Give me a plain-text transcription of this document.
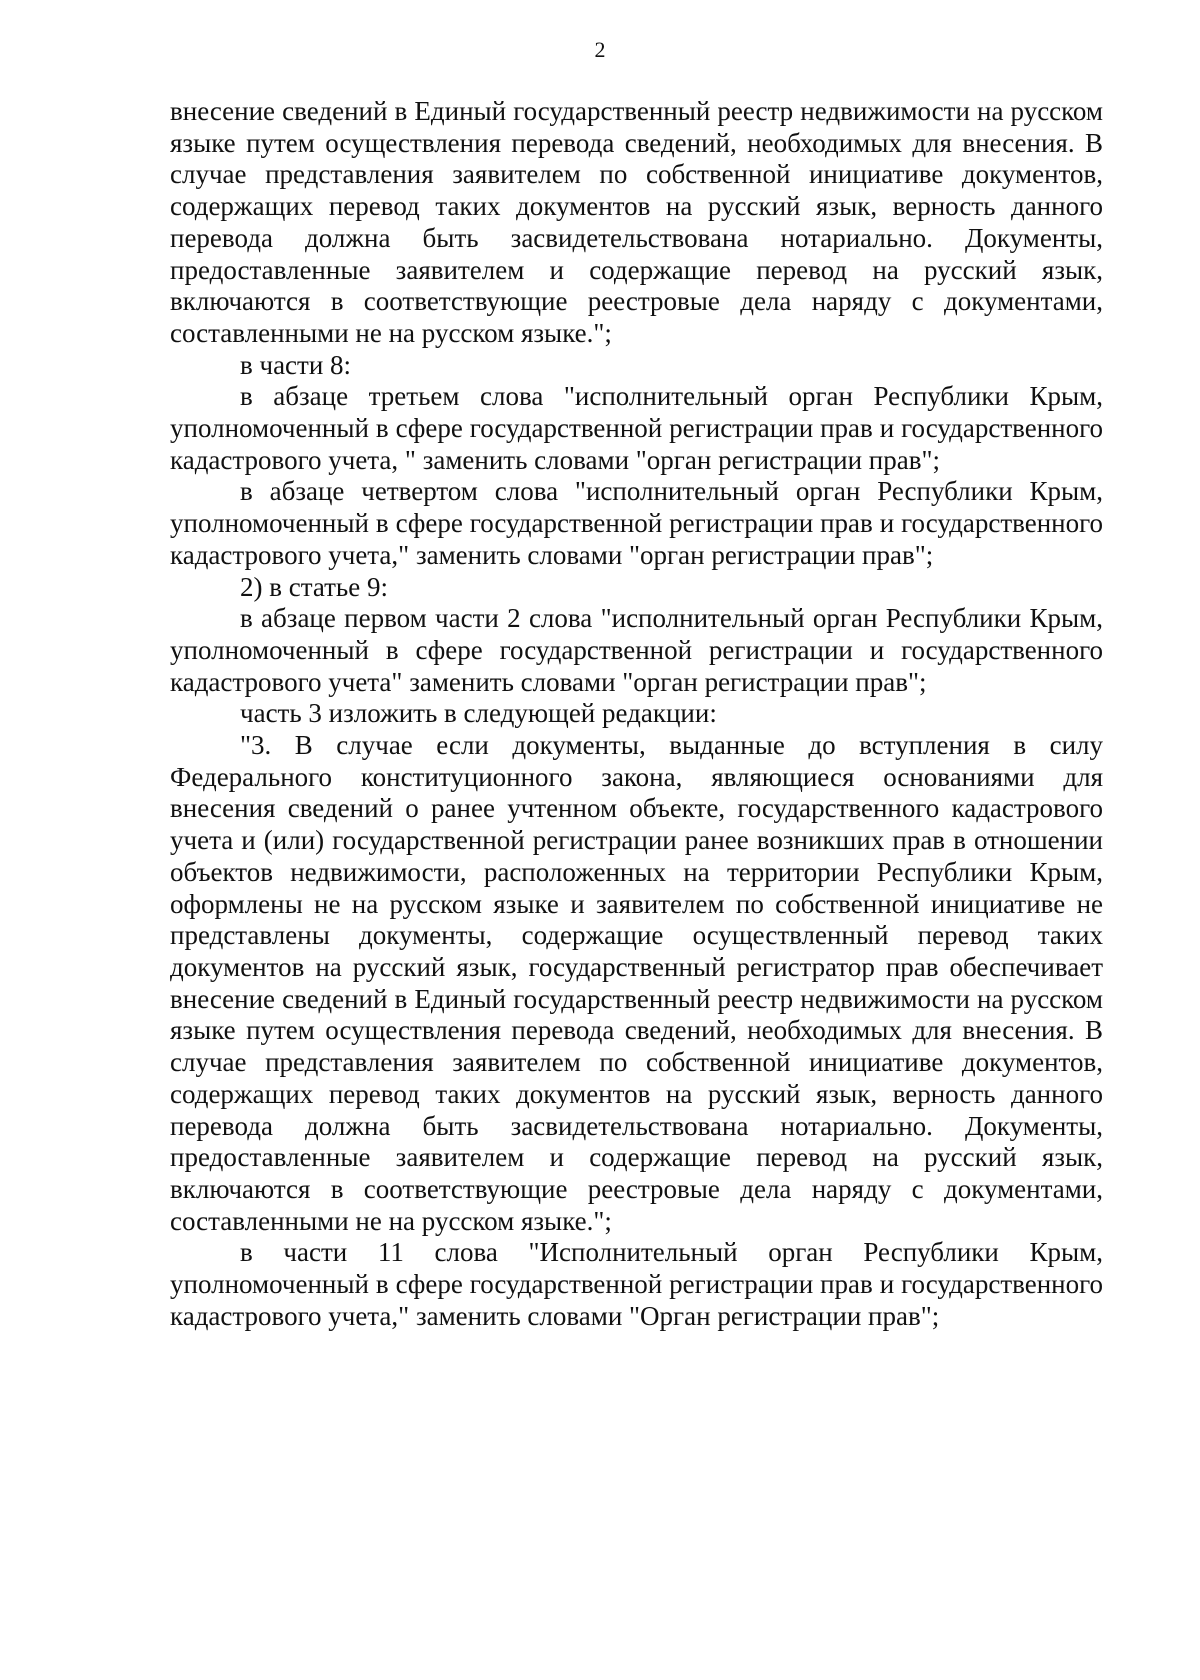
2

внесение сведений в Единый государственный реестр недвижимости на русском языке путем осуществления перевода сведений, необходимых для внесения. В случае представления заявителем по собственной инициативе документов, содержащих перевод таких документов на русский язык, верность данного перевода должна быть засвидетельствована нотариально. Документы, предоставленные заявителем и содержащие перевод на русский язык, включаются в соответствующие реестровые дела наряду с документами, составленными не на русском языке.";

в части 8:

в абзаце третьем слова "исполнительный орган Республики Крым, уполномоченный в сфере государственной регистрации прав и государственного кадастрового учета, " заменить словами "орган регистрации прав";

в абзаце четвертом слова "исполнительный орган Республики Крым, уполномоченный в сфере государственной регистрации прав и государственного кадастрового учета," заменить словами "орган регистрации прав";

2) в статье 9:

в абзаце первом части 2 слова "исполнительный орган Республики Крым, уполномоченный в сфере государственной регистрации и государственного кадастрового учета" заменить словами "орган регистрации прав";

часть 3 изложить в следующей редакции:

"3. В случае если документы, выданные до вступления в силу Федерального конституционного закона, являющиеся основаниями для внесения сведений о ранее учтенном объекте, государственного кадастрового учета и (или) государственной регистрации ранее возникших прав в отношении объектов недвижимости, расположенных на территории Республики Крым, оформлены не на русском языке и заявителем по собственной инициативе не представлены документы, содержащие осуществленный перевод таких документов на русский язык, государственный регистратор прав обеспечивает внесение сведений в Единый государственный реестр недвижимости на русском языке путем осуществления перевода сведений, необходимых для внесения. В случае представления заявителем по собственной инициативе документов, содержащих перевод таких документов на русский язык, верность данного перевода должна быть засвидетельствована нотариально. Документы, предоставленные заявителем и содержащие перевод на русский язык, включаются в соответствующие реестровые дела наряду с документами, составленными не на русском языке.";

в части 11 слова "Исполнительный орган Республики Крым, уполномоченный в сфере государственной регистрации прав и государственного кадастрового учета," заменить словами "Орган регистрации прав";
